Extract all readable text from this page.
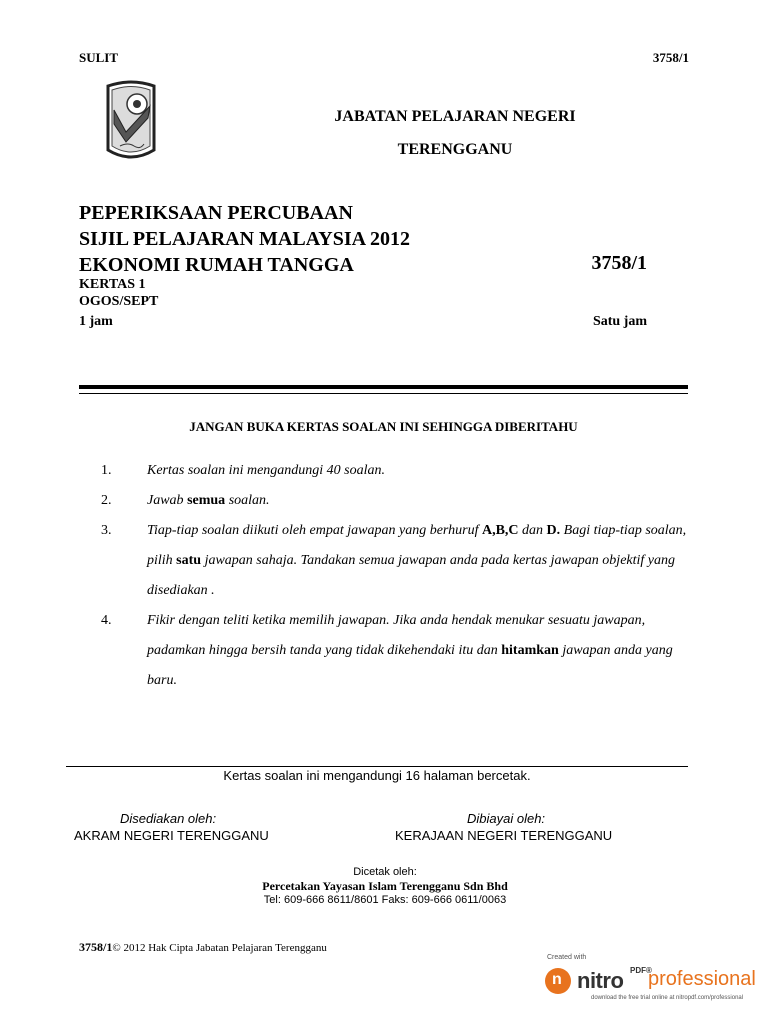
SULIT	3758/1
JABATAN PELAJARAN NEGERI
TERENGGANU
PEPERIKSAAN PERCUBAAN
SIJIL PELAJARAN MALAYSIA 2012
EKONOMI RUMAH TANGGA	3758/1
KERTAS 1
OGOS/SEPT
1 jam	Satu jam
JANGAN BUKA KERTAS SOALAN INI SEHINGGA DIBERITAHU
1.	Kertas soalan ini mengandungi 40 soalan.
2.	Jawab semua soalan.
3.	Tiap-tiap soalan diikuti oleh empat jawapan yang berhuruf A,B,C dan D. Bagi tiap-tiap soalan, pilih satu jawapan sahaja. Tandakan semua jawapan anda pada kertas jawapan objektif yang disediakan .
4.	Fikir dengan teliti ketika memilih jawapan. Jika anda hendak menukar sesuatu jawapan, padamkan hingga bersih tanda yang tidak dikehendaki itu dan hitamkan jawapan anda yang baru.
Kertas soalan ini mengandungi 16 halaman bercetak.
Disediakan oleh:
AKRAM NEGERI TERENGGANU
Dibiayai oleh:
KERAJAAN NEGERI TERENGGANU
Dicetak oleh:
Percetakan Yayasan Islam Terengganu Sdn Bhd
Tel: 609-666 8611/8601 Faks: 609-666 0611/0063
3758/1© 2012 Hak Cipta Jabatan Pelajaran Terengganu
Created with
n nitro PDF®
professional
download the free trial online at nitropdf.com/professional
